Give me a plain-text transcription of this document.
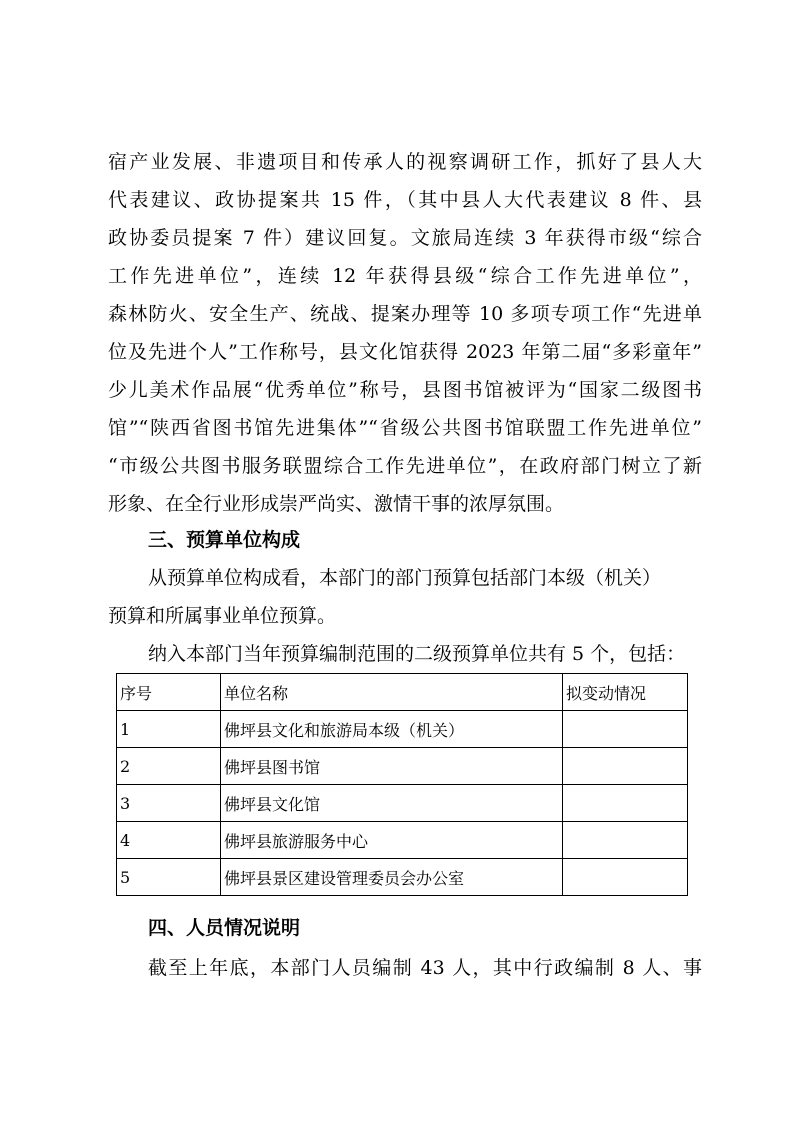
宿产业发展、非遗项目和传承人的视察调研工作，抓好了县人大
代表建议、政协提案共 15 件，（其中县人大代表建议 8 件、县
政协委员提案 7 件）建议回复。文旅局连续 3 年获得市级“综合
工作先进单位”，连续 12 年获得县级“综合工作先进单位”，
森林防火、安全生产、统战、提案办理等 10 多项专项工作“先进单
位及先进个人”工作称号，县文化馆获得 2023 年第二届“多彩童年”
少儿美术作品展“优秀单位”称号，县图书馆被评为“国家二级图书
馆”“陕西省图书馆先进集体”“省级公共图书馆联盟工作先进单位”
“市级公共图书服务联盟综合工作先进单位”，在政府部门树立了新
形象、在全行业形成崇严尚实、激情干事的浓厚氛围。
三、预算单位构成
从预算单位构成看，本部门的部门预算包括部门本级（机关）
预算和所属事业单位预算。
纳入本部门当年预算编制范围的二级预算单位共有 5 个，包括：
序号	单位名称	拟变动情况
1	佛坪县文化和旅游局本级（机关）	
2	佛坪县图书馆	
3	佛坪县文化馆	
4	佛坪县旅游服务中心	
5	佛坪县景区建设管理委员会办公室	
四、人员情况说明
截至上年底，本部门人员编制 43 人，其中行政编制 8 人、事
